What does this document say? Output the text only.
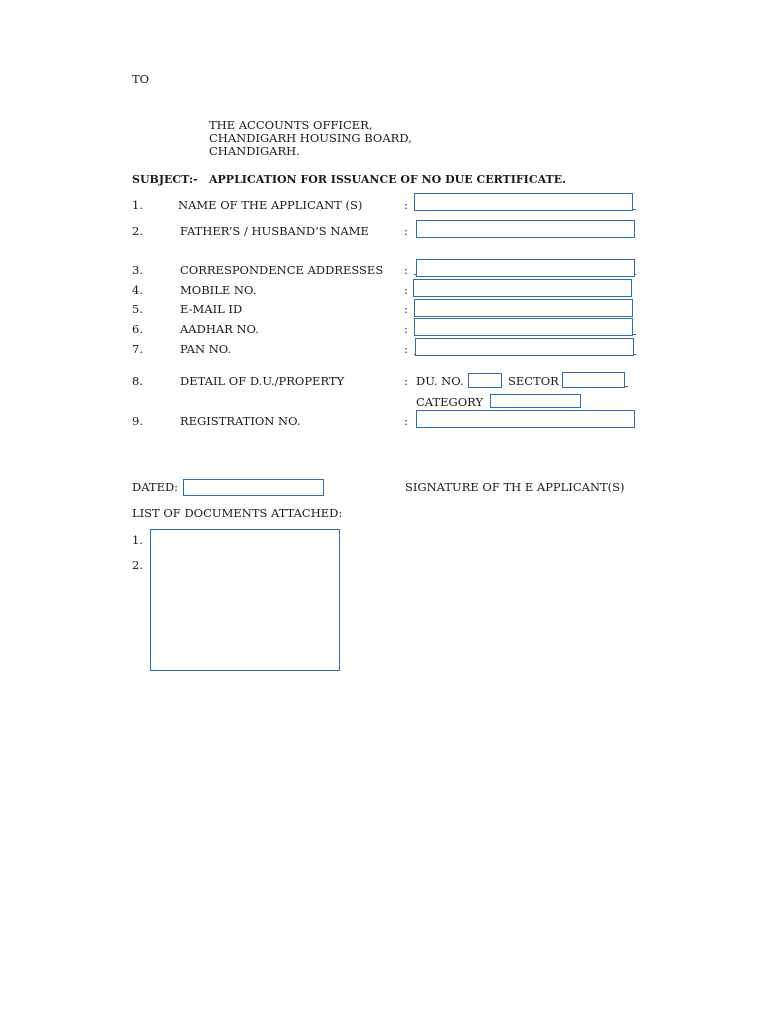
TO
THE ACCOUNTS OFFICER,
CHANDIGARH HOUSING BOARD,
CHANDIGARH.
SUBJECT:- APPLICATION FOR ISSUANCE OF NO DUE CERTIFICATE.
1.	NAME OF THE APPLICANT (S)	:
2.	FATHER’S / HUSBAND’S NAME	:
3.	CORRESPONDENCE ADDRESSES :
4.	MOBILE NO.	:
5.	E-MAIL ID	:
6.	AADHAR NO.	:
7.	PAN NO.	:
8.	DETAIL OF D.U./PROPERTY	: DU. NO.	SECTOR
CATEGORY
9.	REGISTRATION NO.	:
DATED:	SIGNATURE OF TH E APPLICANT(S)
LIST OF DOCUMENTS ATTACHED:
1.
2.
